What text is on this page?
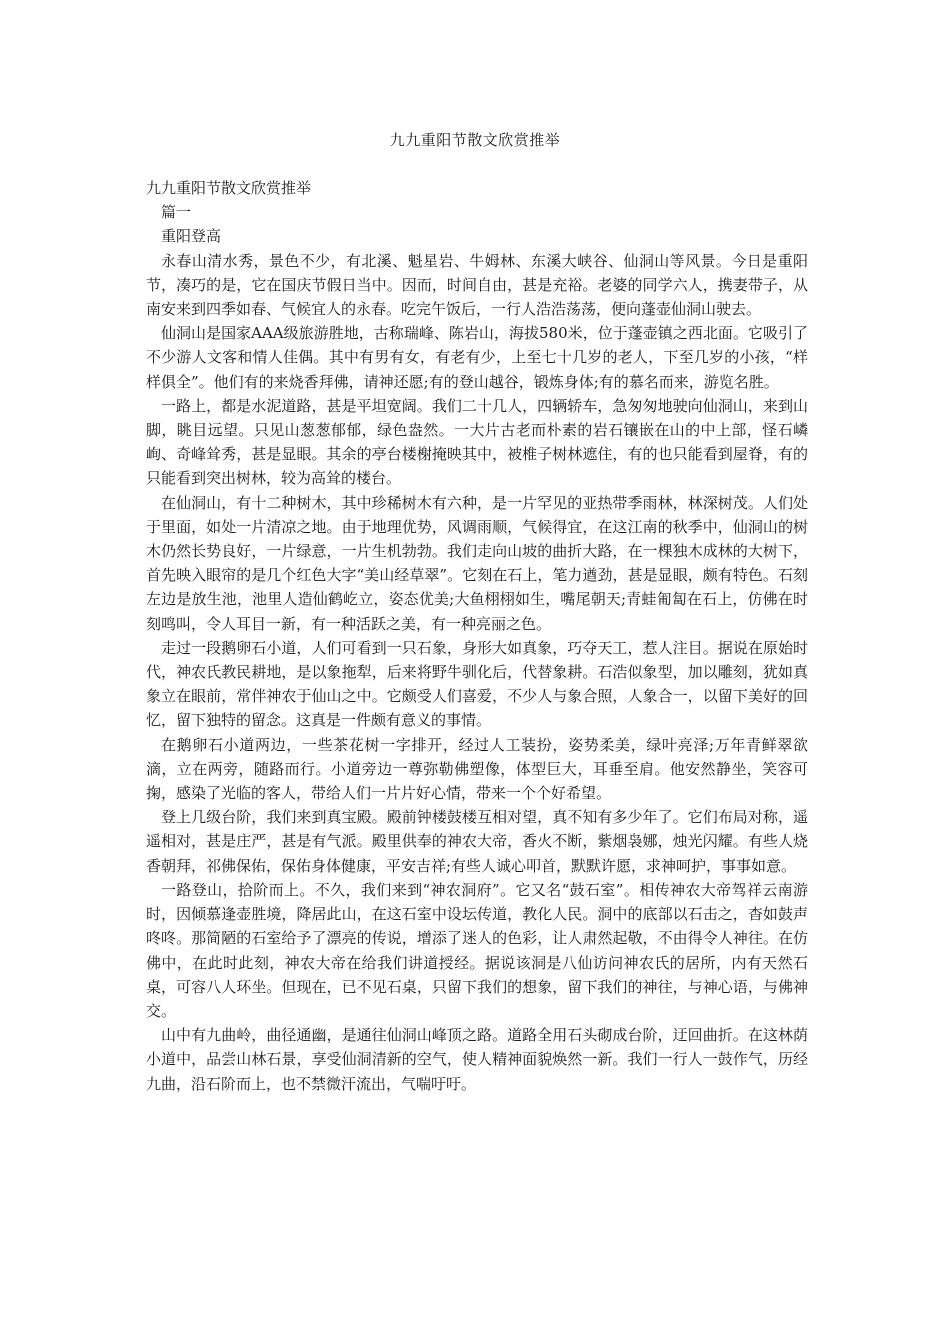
九九重阳节散文欣赏推举

九九重阳节散文欣赏推举

篇一

重阳登高

永春山清水秀，景色不少，有北溪、魁星岩、牛姆林、东溪大峡谷、仙洞山等风景。今日是重阳节，凑巧的是，它在国庆节假日当中。因而，时间自由，甚是充裕。老婆的同学六人，携妻带子，从南安来到四季如春、气候宜人的永春。吃完午饭后，一行人浩浩荡荡，便向蓬壶仙洞山驶去。

仙洞山是国家AAA级旅游胜地，古称瑞峰、陈岩山，海拔580米，位于蓬壶镇之西北面。它吸引了不少游人文客和情人佳偶。其中有男有女，有老有少，上至七十几岁的老人，下至几岁的小孩，“样样俱全”。他们有的来烧香拜佛，请神还愿;有的登山越谷，锻炼身体;有的慕名而来，游览名胜。

一路上，都是水泥道路，甚是平坦宽阔。我们二十几人，四辆轿车，急匆匆地驶向仙洞山，来到山脚，眺目远望。只见山葱葱郁郁，绿色盎然。一大片古老而朴素的岩石镶嵌在山的中上部，怪石嶙峋、奇峰耸秀，甚是显眼。其余的亭台楼榭掩映其中，被椎子树林遮住，有的也只能看到屋脊，有的只能看到突出树林，较为高耸的楼台。

在仙洞山，有十二种树木，其中珍稀树木有六种，是一片罕见的亚热带季雨林，林深树茂。人们处于里面，如处一片清凉之地。由于地理优势，风调雨顺，气候得宜，在这江南的秋季中，仙洞山的树木仍然长势良好，一片绿意，一片生机勃勃。我们走向山坡的曲折大路，在一棵独木成林的大树下，首先映入眼帘的是几个红色大字“美山经草翠”。它刻在石上，笔力遒劲，甚是显眼，颇有特色。石刻左边是放生池，池里人造仙鹤屹立，姿态优美;大鱼栩栩如生，嘴尾朝天;青蛙匍匐在石上，仿佛在时刻鸣叫，令人耳目一新，有一种活跃之美，有一种亮丽之色。

走过一段鹅卵石小道，人们可看到一只石象，身形大如真象，巧夺天工，惹人注目。据说在原始时代，神农氏教民耕地，是以象拖犁，后来将野牛驯化后，代替象耕。石浩似象型，加以雕刻，犹如真象立在眼前，常伴神农于仙山之中。它颇受人们喜爱，不少人与象合照，人象合一，以留下美好的回忆，留下独特的留念。这真是一件颇有意义的事情。

在鹅卵石小道两边，一些茶花树一字排开，经过人工装扮，姿势柔美，绿叶亮泽;万年青鲜翠欲滴，立在两旁，随路而行。小道旁边一尊弥勒佛塑像，体型巨大，耳垂至肩。他安然静坐，笑容可掬，感染了光临的客人，带给人们一片片好心情，带来一个个好希望。

登上几级台阶，我们来到真宝殿。殿前钟楼鼓楼互相对望，真不知有多少年了。它们布局对称，遥遥相对，甚是庄严，甚是有气派。殿里供奉的神农大帝，香火不断，紫烟袅娜，烛光闪耀。有些人烧香朝拜，祁佛保佑，保佑身体健康，平安吉祥;有些人诚心叩首，默默许愿，求神呵护，事事如意。

一路登山，拾阶而上。不久，我们来到“神农洞府”。它又名“鼓石室”。相传神农大帝驾祥云南游时，因倾慕逢壶胜境，降居此山，在这石室中设坛传道，教化人民。洞中的底部以石击之，杳如鼓声咚咚。那简陋的石室给予了漂亮的传说，增添了迷人的色彩，让人肃然起敬，不由得令人神往。在仿佛中，在此时此刻，神农大帝在给我们讲道授经。据说该洞是八仙访问神农氏的居所，内有天然石桌，可容八人环坐。但现在，已不见石桌，只留下我们的想象，留下我们的神往，与神心语，与佛神交。

山中有九曲岭，曲径通幽，是通往仙洞山峰顶之路。道路全用石头砌成台阶，迂回曲折。在这林荫小道中，品尝山林石景，享受仙洞清新的空气，使人精神面貌焕然一新。我们一行人一鼓作气，历经九曲，沿石阶而上，也不禁微汗流出，气喘吁吁。
